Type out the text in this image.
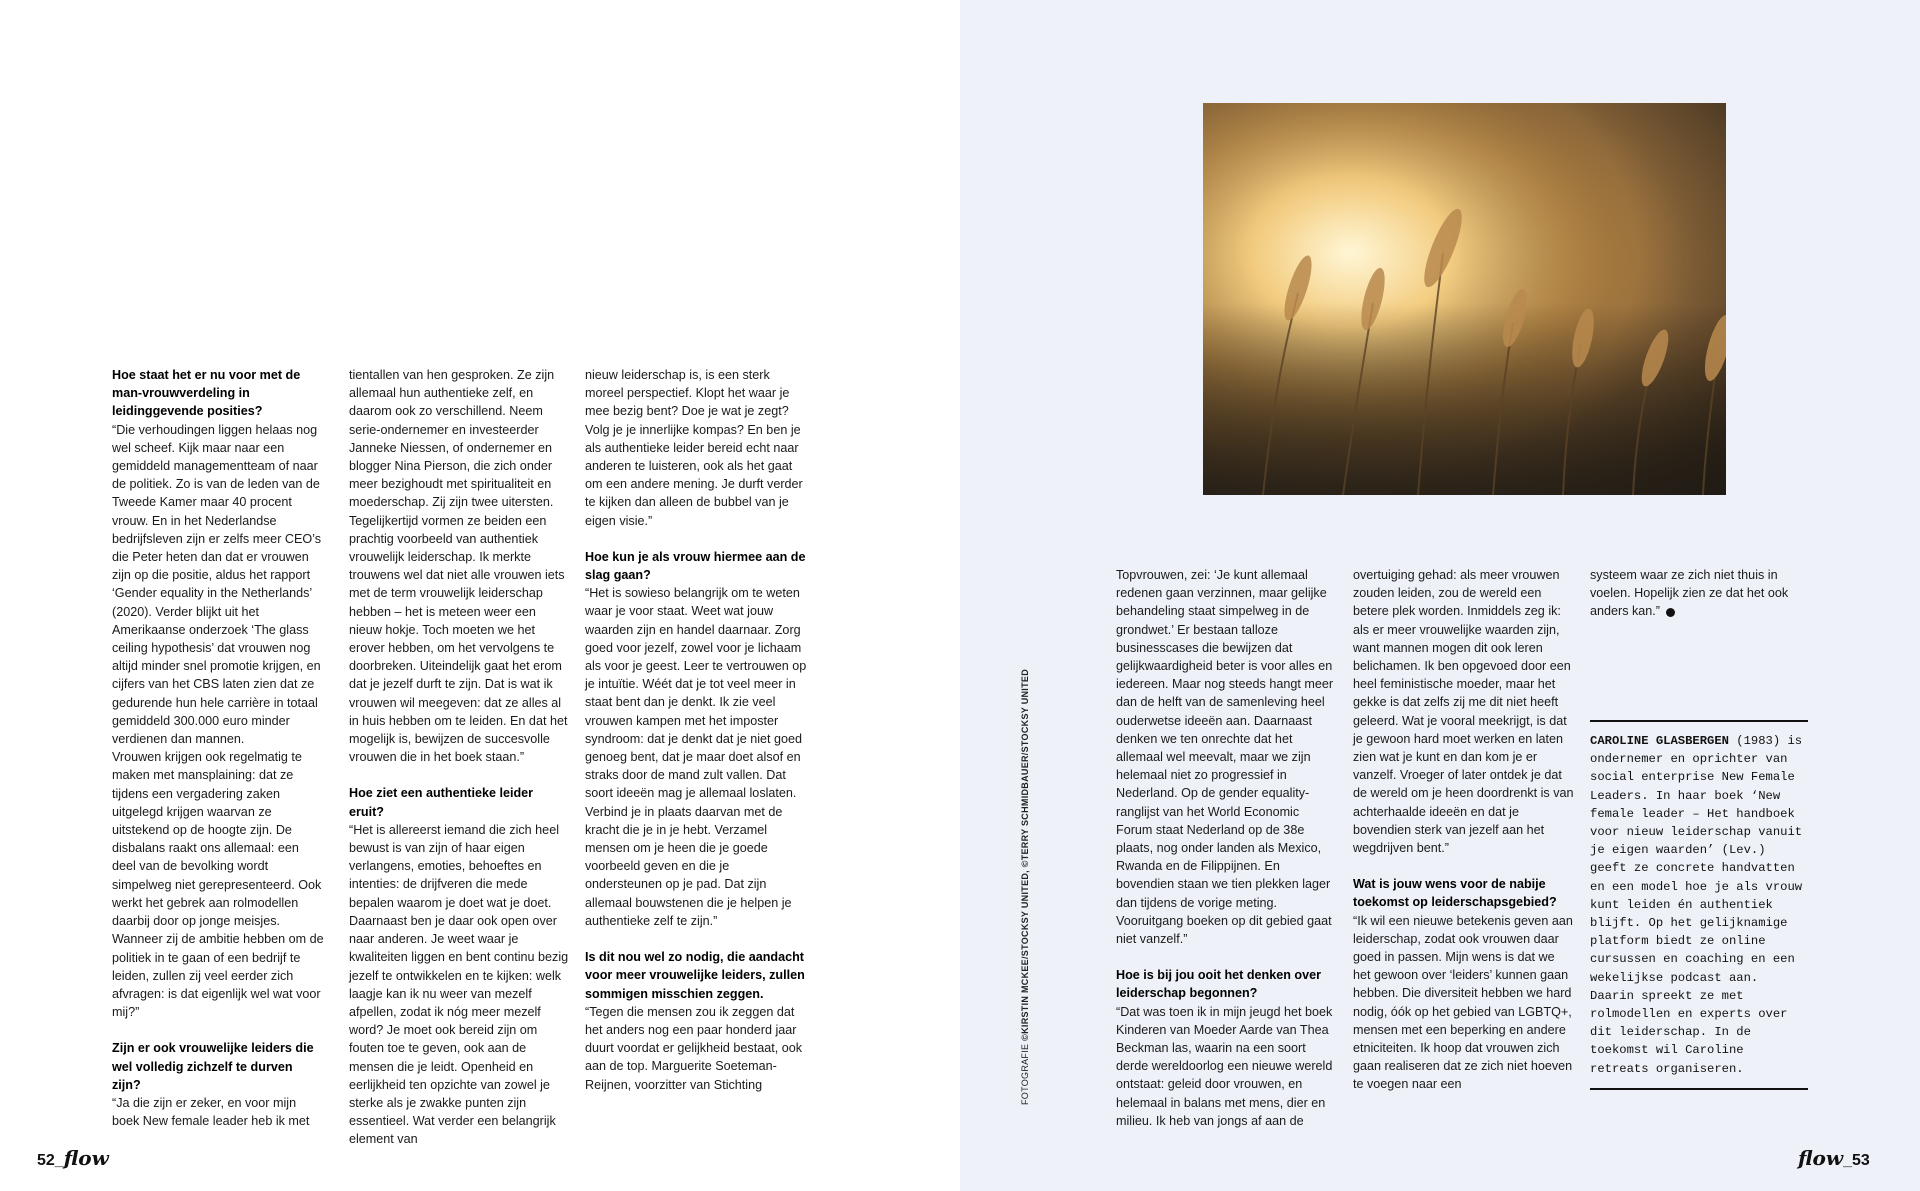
Hoe staat het er nu voor met de man-vrouwverdeling in leidinggevende posities?

“Die verhoudingen liggen helaas nog wel scheef. Kijk maar naar een gemiddeld managementteam of naar de politiek. Zo is van de leden van de Tweede Kamer maar 40 procent vrouw. En in het Nederlandse bedrijfsleven zijn er zelfs meer CEO’s die Peter heten dan dat er vrouwen zijn op die positie, aldus het rapport ‘Gender equality in the Netherlands’ (2020). Verder blijkt uit het Amerikaanse onderzoek ‘The glass ceiling hypothesis’ dat vrouwen nog altijd minder snel promotie krijgen, en cijfers van het CBS laten zien dat ze gedurende hun hele carrière in totaal gemiddeld 300.000 euro minder verdienen dan mannen.

Vrouwen krijgen ook regelmatig te maken met mansplaining: dat ze tijdens een vergadering zaken uitgelegd krijgen waarvan ze uitstekend op de hoogte zijn. De disbalans raakt ons allemaal: een deel van de bevolking wordt simpelweg niet gerepresenteerd. Ook werkt het gebrek aan rolmodellen daarbij door op jonge meisjes. Wanneer zij de ambitie hebben om de politiek in te gaan of een bedrijf te leiden, zullen zij veel eerder zich afvragen: is dat eigenlijk wel wat voor mij?”

Zijn er ook vrouwelijke leiders die wel volledig zichzelf te durven zijn?

“Ja die zijn er zeker, en voor mijn boek New female leader heb ik met

tientallen van hen gesproken. Ze zijn allemaal hun authentieke zelf, en daarom ook zo verschillend. Neem serie-ondernemer en investeerder Janneke Niessen, of ondernemer en blogger Nina Pierson, die zich onder meer bezighoudt met spiritualiteit en moederschap. Zij zijn twee uitersten. Tegelijkertijd vormen ze beiden een prachtig voorbeeld van authentiek vrouwelijk leiderschap. Ik merkte trouwens wel dat niet alle vrouwen iets met de term vrouwelijk leiderschap hebben – het is meteen weer een nieuw hokje. Toch moeten we het erover hebben, om het vervolgens te doorbreken. Uiteindelijk gaat het erom dat je jezelf durft te zijn. Dat is wat ik vrouwen wil meegeven: dat ze alles al in huis hebben om te leiden. En dat het mogelijk is, bewijzen de succesvolle vrouwen die in het boek staan.”

Hoe ziet een authentieke leider eruit?

“Het is allereerst iemand die zich heel bewust is van zijn of haar eigen verlangens, emoties, behoeftes en intenties: de drijfveren die mede bepalen waarom je doet wat je doet. Daarnaast ben je daar ook open over naar anderen. Je weet waar je kwaliteiten liggen en bent continu bezig jezelf te ontwikkelen en te kijken: welk laagje kan ik nu weer van mezelf afpellen, zodat ik nóg meer mezelf word? Je moet ook bereid zijn om fouten toe te geven, ook aan de mensen die je leidt. Openheid en eerlijkheid ten opzichte van zowel je sterke als je zwakke punten zijn essentieel. Wat verder een belangrijk element van

nieuw leiderschap is, is een sterk moreel perspectief. Klopt het waar je mee bezig bent? Doe je wat je zegt? Volg je je innerlijke kompas? En ben je als authentieke leider bereid echt naar anderen te luisteren, ook als het gaat om een andere mening. Je durft verder te kijken dan alleen de bubbel van je eigen visie.”

Hoe kun je als vrouw hiermee aan de slag gaan?

“Het is sowieso belangrijk om te weten waar je voor staat. Weet wat jouw waarden zijn en handel daarnaar. Zorg goed voor jezelf, zowel voor je lichaam als voor je geest. Leer te vertrouwen op je intuïtie. Wéét dat je tot veel meer in staat bent dan je denkt. Ik zie veel vrouwen kampen met het imposter syndroom: dat je denkt dat je niet goed genoeg bent, dat je maar doet alsof en straks door de mand zult vallen. Dat soort ideeën mag je allemaal loslaten. Verbind je in plaats daarvan met de kracht die je in je hebt. Verzamel mensen om je heen die je goede voorbeeld geven en die je ondersteunen op je pad. Dat zijn allemaal bouwstenen die je helpen je authentieke zelf te zijn.”

Is dit nou wel zo nodig, die aandacht voor meer vrouwelijke leiders, zullen sommigen misschien zeggen.

“Tegen die mensen zou ik zeggen dat het anders nog een paar honderd jaar duurt voordat er gelijkheid bestaat, ook aan de top. Marguerite Soeteman-Reijnen, voorzitter van Stichting

52_flow

Topvrouwen, zei: ‘Je kunt allemaal redenen gaan verzinnen, maar gelijke behandeling staat simpelweg in de grondwet.’ Er bestaan talloze businesscases die bewijzen dat gelijkwaardigheid beter is voor alles en iedereen. Maar nog steeds hangt meer dan de helft van de samenleving heel ouderwetse ideeën aan. Daarnaast denken we ten onrechte dat het allemaal wel meevalt, maar we zijn helemaal niet zo progressief in Nederland. Op de gender equality-ranglijst van het World Economic Forum staat Nederland op de 38e plaats, nog onder landen als Mexico, Rwanda en de Filippijnen. En bovendien staan we tien plekken lager dan tijdens de vorige meting. Vooruitgang boeken op dit gebied gaat niet vanzelf.”

Hoe is bij jou ooit het denken over leiderschap begonnen?

“Dat was toen ik in mijn jeugd het boek Kinderen van Moeder Aarde van Thea Beckman las, waarin na een soort derde wereldoorlog een nieuwe wereld ontstaat: geleid door vrouwen, en helemaal in balans met mens, dier en milieu. Ik heb van jongs af aan de

overtuiging gehad: als meer vrouwen zouden leiden, zou de wereld een betere plek worden. Inmiddels zeg ik: als er meer vrouwelijke waarden zijn, want mannen mogen dit ook leren belichamen. Ik ben opgevoed door een heel feministische moeder, maar het gekke is dat zelfs zij me dit niet heeft geleerd. Wat je vooral meekrijgt, is dat je gewoon hard moet werken en laten zien wat je kunt en dan kom je er vanzelf. Vroeger of later ontdek je dat de wereld om je heen doordrenkt is van achterhaalde ideeën en dat je bovendien sterk van jezelf aan het wegdrijven bent.”

Wat is jouw wens voor de nabije toekomst op leiderschapsgebied?

“Ik wil een nieuwe betekenis geven aan leiderschap, zodat ook vrouwen daar goed in passen. Mijn wens is dat we het gewoon over ‘leiders’ kunnen gaan hebben. Die diversiteit hebben we hard nodig, óók op het gebied van LGBTQ+, mensen met een beperking en andere etniciteiten. Ik hoop dat vrouwen zich gaan realiseren dat ze zich niet hoeven te voegen naar een

systeem waar ze zich niet thuis in voelen. Hopelijk zien ze dat het ook anders kan.”

flow_53
FOTOGRAFIE ©KIRSTIN MCKEE/STOCKSY UNITED, ©TERRY SCHMIDBAUER/STOCKSY UNITED	CAROLINE GLASBERGEN (1983) is ondernemer en oprichter van social enterprise New Female Leaders. In haar boek ‘New female leader – Het handboek voor nieuw leiderschap vanuit je eigen waarden’ (Lev.) geeft ze concrete handvatten en een model hoe je als vrouw kunt leiden én authentiek blijft. Op het gelijknamige platform biedt ze online cursussen en coaching en een wekelijkse podcast aan. Daarin spreekt ze met rolmodellen en experts over dit leiderschap. In de toekomst wil Caroline retreats organiseren.
